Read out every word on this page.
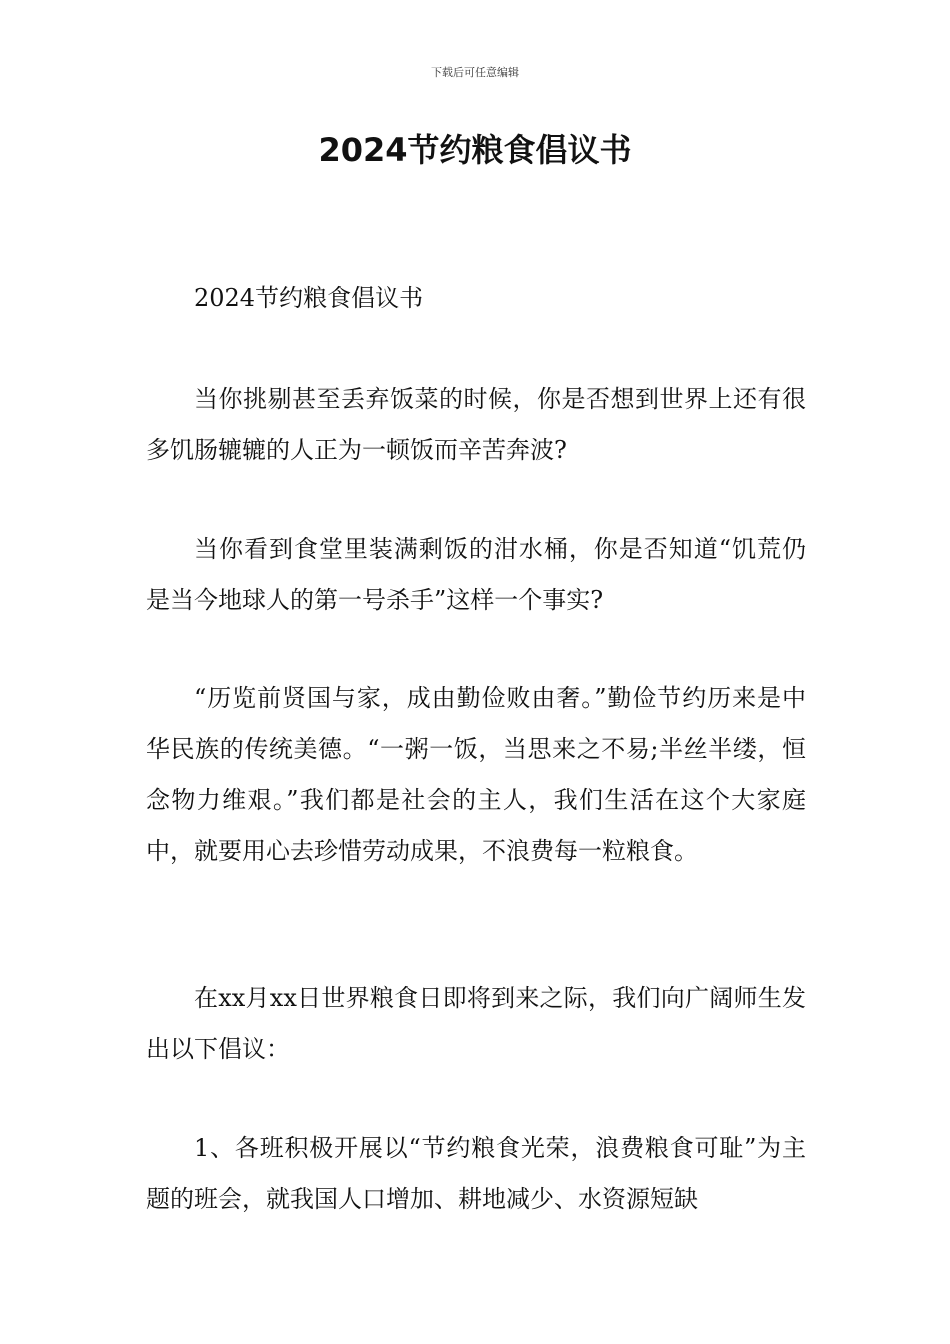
下载后可任意编辑
2024节约粮食倡议书

2024节约粮食倡议书

当你挑剔甚至丢弃饭菜的时候，你是否想到世界上还有很多饥肠辘辘的人正为一顿饭而辛苦奔波?

当你看到食堂里装满剩饭的泔水桶，你是否知道“饥荒仍是当今地球人的第一号杀手”这样一个事实?

“历览前贤国与家，成由勤俭败由奢。”勤俭节约历来是中华民族的传统美德。“一粥一饭，当思来之不易;半丝半缕，恒念物力维艰。”我们都是社会的主人，我们生活在这个大家庭中，就要用心去珍惜劳动成果，不浪费每一粒粮食。

在xx月xx日世界粮食日即将到来之际，我们向广阔师生发出以下倡议：

1、各班积极开展以“节约粮食光荣，浪费粮食可耻”为主题的班会，就我国人口增加、耕地减少、水资源短缺
